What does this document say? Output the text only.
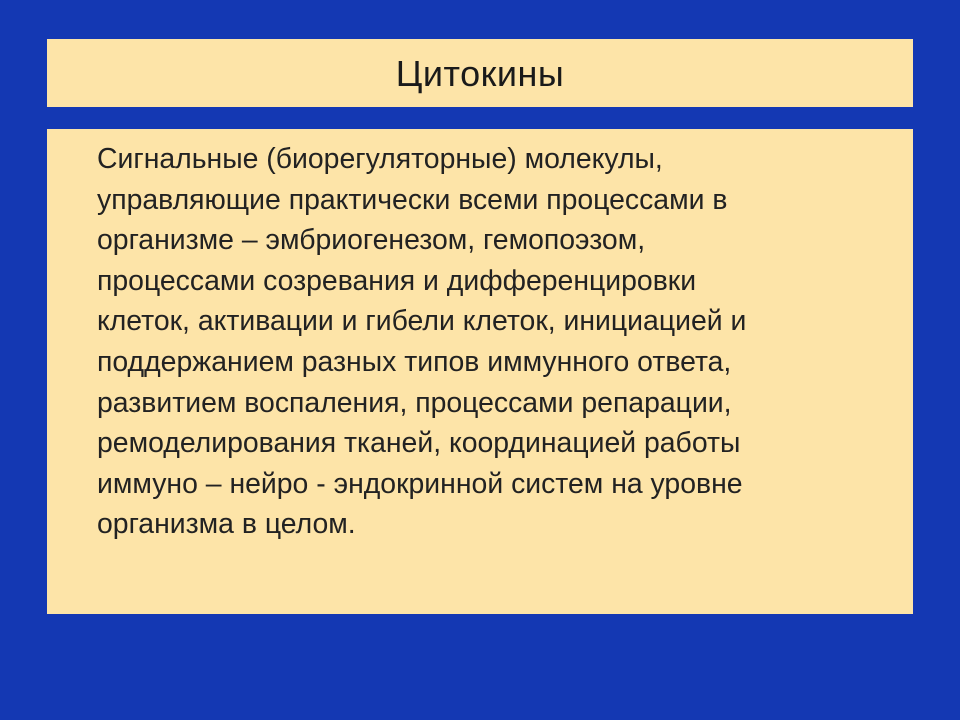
Цитокины

Сигнальные (биорегуляторные) молекулы,
управляющие практически всеми процессами в
организме – эмбриогенезом, гемопоэзом,
процессами созревания и дифференцировки
клеток, активации и гибели клеток, инициацией и
поддержанием разных типов иммунного ответа,
развитием воспаления, процессами репарации,
ремоделирования тканей, координацией работы
иммуно – нейро - эндокринной систем на уровне
организма в целом.
